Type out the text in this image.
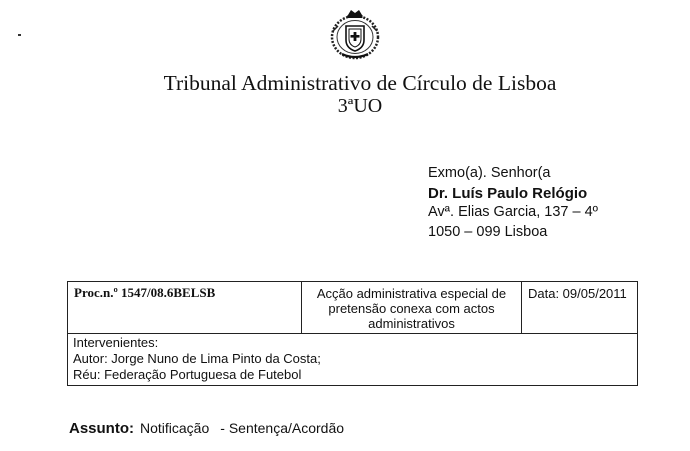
Tribunal Administrativo de Círculo de Lisboa
3ªUO
Exmo(a). Senhor(a
Dr. Luís Paulo Relógio
Avª. Elias Garcia, 137 – 4º
1050 – 099 Lisboa
Proc.n.º 1547/08.6BELSB	Acção administrativa especial de pretensão conexa com actos administrativos	Data: 09/05/2011

Intervenientes:
Autor: Jorge Nuno de Lima Pinto da Costa;
Réu: Federação Portuguesa de Futebol
Assunto: Notificação - Sentença/Acordão
